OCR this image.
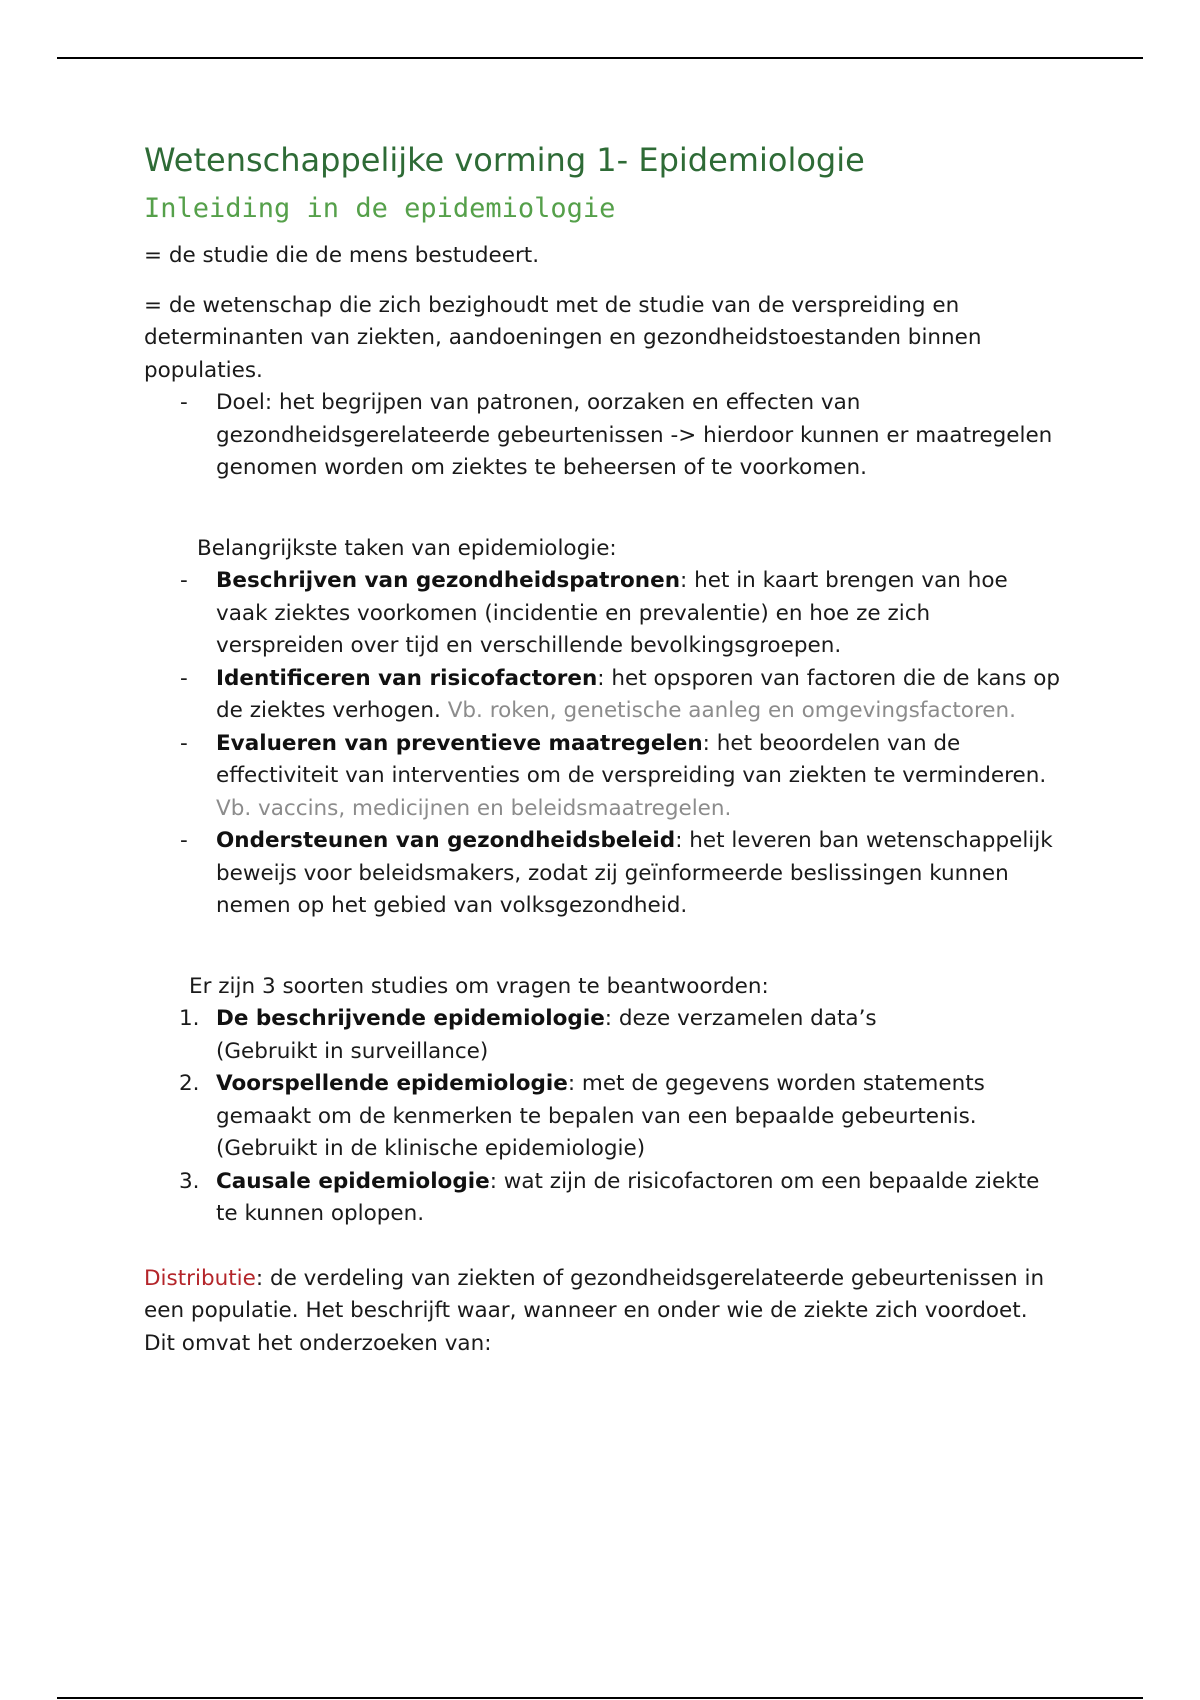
Wetenschappelijke vorming 1- Epidemiologie
Inleiding in de epidemiologie

= de studie die de mens bestudeert.

= de wetenschap die zich bezighoudt met de studie van de verspreiding en determinanten van ziekten, aandoeningen en gezondheidstoestanden binnen populaties.

- Doel: het begrijpen van patronen, oorzaken en effecten van gezondheidsgerelateerde gebeurtenissen -> hierdoor kunnen er maatregelen genomen worden om ziektes te beheersen of te voorkomen.

Belangrijkste taken van epidemiologie:

- Beschrijven van gezondheidspatronen: het in kaart brengen van hoe vaak ziektes voorkomen (incidentie en prevalentie) en hoe ze zich verspreiden over tijd en verschillende bevolkingsgroepen.
- Identificeren van risicofactoren: het opsporen van factoren die de kans op de ziektes verhogen. Vb. roken, genetische aanleg en omgevingsfactoren.
- Evalueren van preventieve maatregelen: het beoordelen van de effectiviteit van interventies om de verspreiding van ziekten te verminderen. Vb. vaccins, medicijnen en beleidsmaatregelen.
- Ondersteunen van gezondheidsbeleid: het leveren ban wetenschappelijk beweijs voor beleidsmakers, zodat zij geïnformeerde beslissingen kunnen nemen op het gebied van volksgezondheid.

Er zijn 3 soorten studies om vragen te beantwoorden:

1. De beschrijvende epidemiologie: deze verzamelen data’s
(Gebruikt in surveillance)
2. Voorspellende epidemiologie: met de gegevens worden statements gemaakt om de kenmerken te bepalen van een bepaalde gebeurtenis.
(Gebruikt in de klinische epidemiologie)
3. Causale epidemiologie: wat zijn de risicofactoren om een bepaalde ziekte te kunnen oplopen.

Distributie: de verdeling van ziekten of gezondheidsgerelateerde gebeurtenissen in een populatie. Het beschrijft waar, wanneer en onder wie de ziekte zich voordoet. Dit omvat het onderzoeken van:
